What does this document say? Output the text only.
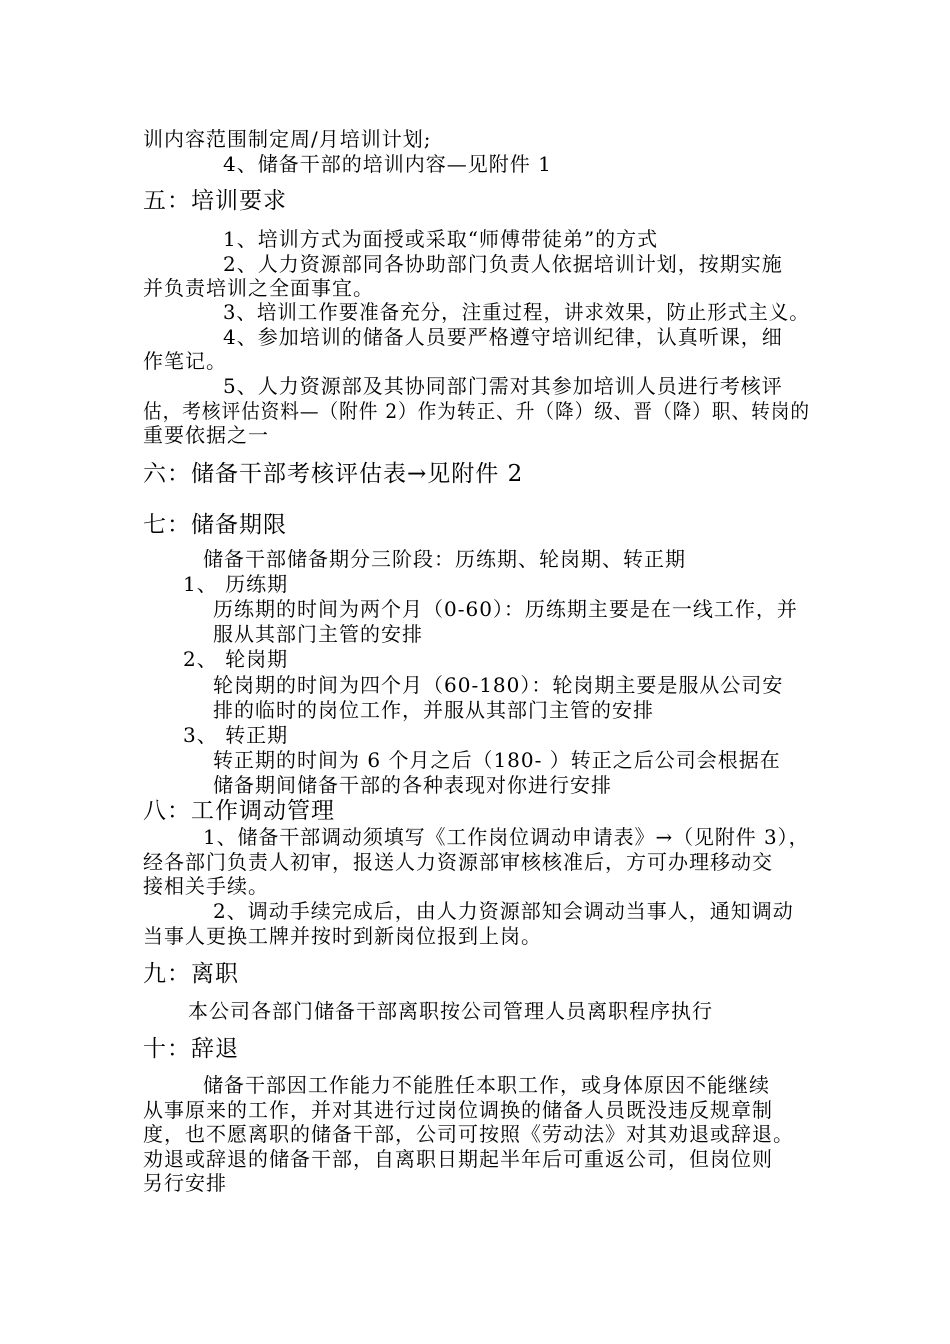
训内容范围制定周/月培训计划;
4、储备干部的培训内容—见附件 1
五：培训要求
1、培训方式为面授或采取“师傅带徒弟”的方式
2、人力资源部同各协助部门负责人依据培训计划，按期实施
并负责培训之全面事宜。
3、培训工作要准备充分，注重过程，讲求效果，防止形式主义。
4、参加培训的储备人员要严格遵守培训纪律，认真听课，细
作笔记。
5、人力资源部及其协同部门需对其参加培训人员进行考核评
估，考核评估资料—（附件 2）作为转正、升（降）级、晋（降）职、转岗的
重要依据之一
六：储备干部考核评估表→见附件 2
七：储备期限
储备干部储备期分三阶段：历练期、轮岗期、转正期
1、 历练期
历练期的时间为两个月（0-60）：历练期主要是在一线工作，并
服从其部门主管的安排
2、 轮岗期
轮岗期的时间为四个月（60-180）：轮岗期主要是服从公司安
排的临时的岗位工作，并服从其部门主管的安排
3、 转正期
转正期的时间为 6 个月之后（180- ）转正之后公司会根据在
储备期间储备干部的各种表现对你进行安排
八：工作调动管理
1、储备干部调动须填写《工作岗位调动申请表》→（见附件 3），
经各部门负责人初审，报送人力资源部审核核准后，方可办理移动交
接相关手续。
2、调动手续完成后，由人力资源部知会调动当事人，通知调动
当事人更换工牌并按时到新岗位报到上岗。
九：离职
本公司各部门储备干部离职按公司管理人员离职程序执行
十：辞退
储备干部因工作能力不能胜任本职工作，或身体原因不能继续
从事原来的工作，并对其进行过岗位调换的储备人员既没违反规章制
度，也不愿离职的储备干部，公司可按照《劳动法》对其劝退或辞退。
劝退或辞退的储备干部，自离职日期起半年后可重返公司，但岗位则
另行安排
